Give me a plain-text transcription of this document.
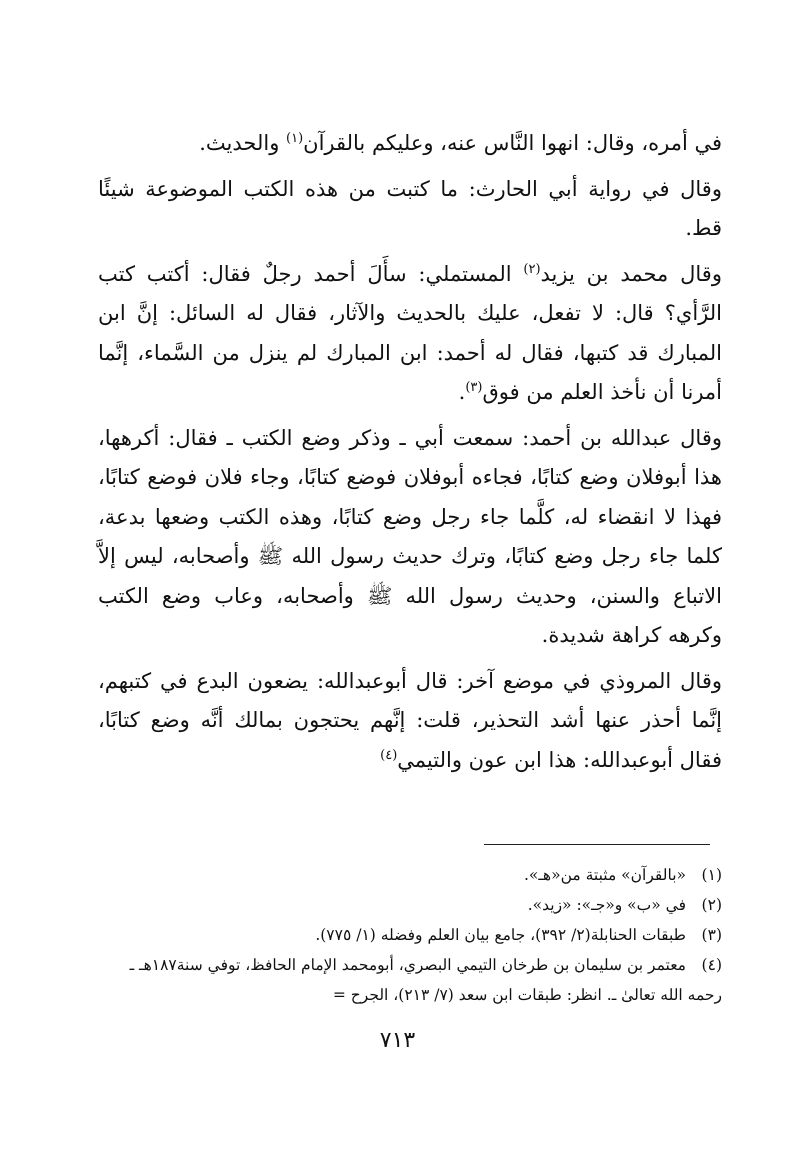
في أمره، وقال: انهوا النَّاس عنه، وعليكم بالقرآن$^{(١)}$ والحديث.

وقال في رواية أبي الحارث: ما كتبت من هذه الكتب الموضوعة شيئًا قط.

وقال محمد بن يزيد$^{(٢)}$ المستملي: سأَلَ أحمد رجلٌ فقال: أكتب كتب الرَّأي؟ قال: لا تفعل، عليك بالحديث والآثار، فقال له السائل: إنَّ ابن المبارك قد كتبها، فقال له أحمد: ابن المبارك لم ينزل من السَّماء، إنَّما أمرنا أن نأخذ العلم من فوق$^{(٣)}$.

وقال عبدالله بن أحمد: سمعت أبي ـ وذكر وضع الكتب ـ فقال: أكرهها، هذا أبوفلان وضع كتابًا، فجاءه أبوفلان فوضع كتابًا، وجاء فلان فوضع كتابًا، فهذا لا انقضاء له، كلَّما جاء رجل وضع كتابًا، وهذه الكتب وضعها بدعة، كلما جاء رجل وضع كتابًا، وترك حديث رسول الله ﷺ وأصحابه، ليس إلاَّ الاتباع والسنن، وحديث رسول الله ﷺ وأصحابه، وعاب وضع الكتب وكرهه كراهة شديدة.

وقال المروذي في موضع آخر: قال أبوعبدالله: يضعون البدع في كتبهم، إنَّما أحذر عنها أشد التحذير، قلت: إنَّهم يحتجون بمالك أنَّه وضع كتابًا، فقال أبوعبدالله: هذا ابن عون والتيمي$^{(٤)}$

(١)«بالقرآن» مثبتة من«هـ».

(٢)في «ب» و«جـ»: «زيد».

(٣)طبقات الحنابلة(٢/ ٣٩٢)، جامع بيان العلم وفضله (١/ ٧٧٥).

(٤)معتمر بن سليمان بن طرخان التيمي البصري، أبومحمد الإمام الحافظ، توفي سنة١٨٧هـ ـ رحمه الله تعالىٰ ـ. انظر: طبقات ابن سعد (٧/ ٢١٣)، الجرح =

٧١٣
